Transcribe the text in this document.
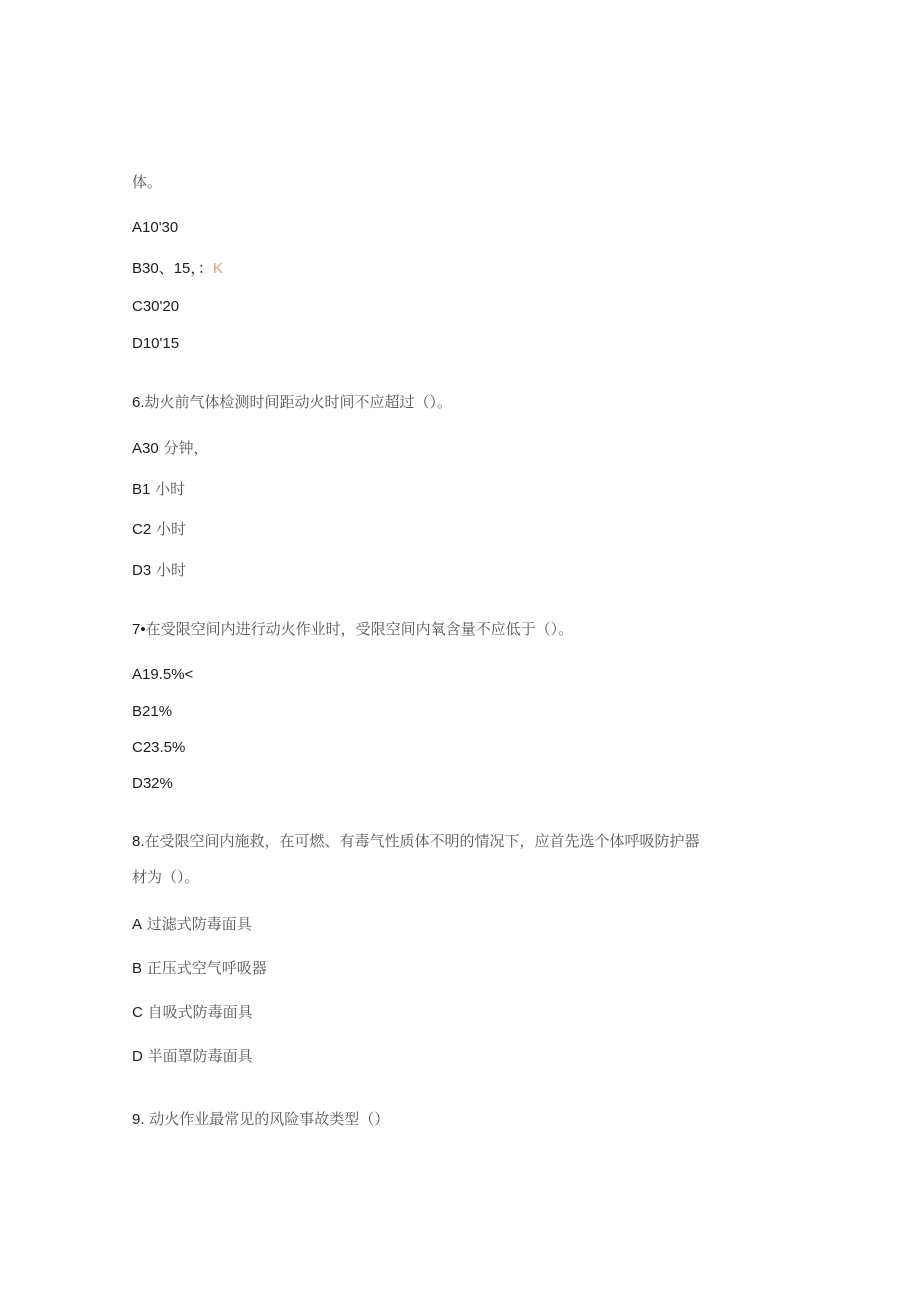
体。
A10'30
B30、15，：K
C30'20
D10'15
6.劫火前气体检测时间距动火时间不应超过（）。
A30 分钟，
B1 小时
C2 小时
D3 小时
7•在受限空间内进行动火作业时，受限空间内氧含量不应低于（）。
A19.5%<
B21%
C23.5%
D32%
8.在受限空间内施救，在可燃、有毒气性质体不明的情况下，应首先选个体呼吸防护器
材为（）。
A 过滤式防毒面具
B 正压式空气呼吸器
C 自吸式防毒面具
D 半面罩防毒面具
9. 动火作业最常见的风险事故类型（）
